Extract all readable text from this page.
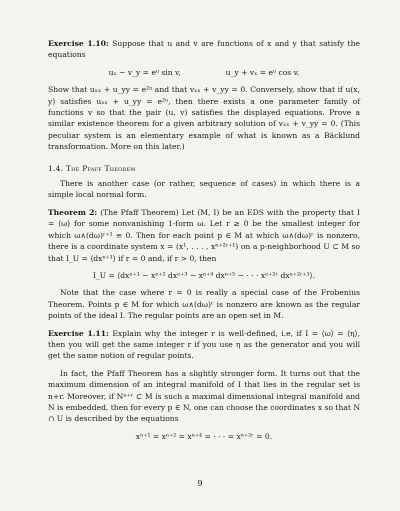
Exercise 1.10: Suppose that u and v are functions of x and y that satisfy the equations

uₓ − v_y = eᵘ sin v,	u_y + vₓ = eᵘ cos v.

Show that uₓₓ + u_yy = e²ᵘ and that vₓₓ + v_yy = 0. Conversely, show that if u(x, y) satisfies uₓₓ + u_yy = e²ᵘ, then there exists a one parameter family of functions v so that the pair (u, v) satisfies the displayed equations. Prove a similar existence theorem for a given arbitrary solution of vₓₓ + v_yy = 0. (This peculiar system is an elementary example of what is known as a Bäcklund transformation. More on this later.)

1.4. The Pfaff Theorem

There is another case (or rather, sequence of cases) in which there is a simple local normal form.

Theorem 2: (The Pfaff Theorem) Let (M, I) be an EDS with the property that I = ⟨ω⟩ for some nonvanishing 1-form ω. Let r ≥ 0 be the smallest integer for which ω∧(dω)ʳ⁺¹ ≡ 0. Then for each point p ∈ M at which ω∧(dω)ʳ is nonzero, there is a coordinate system x = (x¹, . . . , xⁿ⁺²ʳ⁺¹) on a p-neighborhood U ⊂ M so that I_U = ⟨dxⁿ⁺¹⟩ if r = 0 and, if r > 0, then

I_U = ⟨dxⁿ⁺¹ − xⁿ⁺² dxⁿ⁺³ − xⁿ⁺⁴ dxⁿ⁺⁵ − · · · xⁿ⁺²ʳ dxⁿ⁺²ʳ⁺¹⟩.

Note that the case where r = 0 is really a special case of the Frobenius Theorem. Points p ∈ M for which ω∧(dω)ʳ is nonzero are known as the regular points of the ideal I. The regular points are an open set in M.

Exercise 1.11: Explain why the integer r is well-defined, i.e, if I = ⟨ω⟩ = ⟨η⟩, then you will get the same integer r if you use η as the generator and you will get the same notion of regular points.

In fact, the Pfaff Theorem has a slightly stronger form. It turns out that the maximum dimension of an integral manifold of I that lies in the regular set is n+r. Moreover, if Nⁿ⁺ʳ ⊂ M is such a maximal dimensional integral manifold and N is embedded, then for every p ∈ N, one can choose the coordinates x so that N ∩ U is described by the equations

xⁿ⁺¹ = xⁿ⁺² = xⁿ⁺⁴ = · · · = xⁿ⁺²ʳ = 0.
9
